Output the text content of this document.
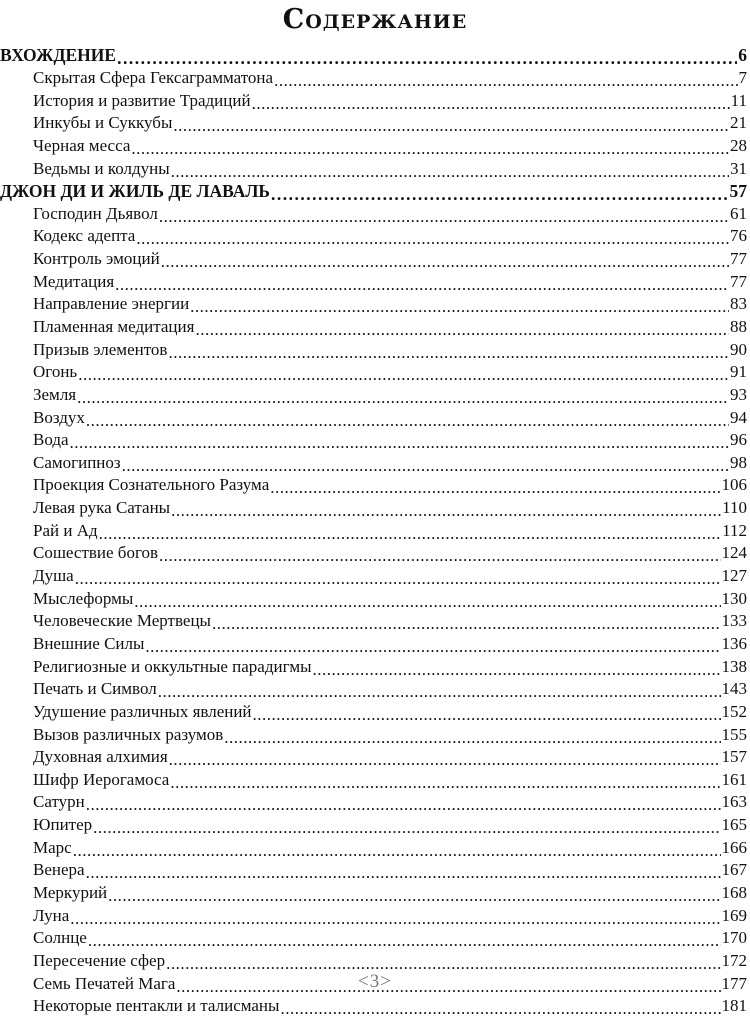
Содержание
ВХОЖДЕНИЕ .....	6
Скрытая Сфера Гексаграмматона .....	7
История и развитие Традиций .....	11
Инкубы и Суккубы .....	21
Черная месса .....	28
Ведьмы и колдуны .....	31
ДЖОН ДИ И ЖИЛЬ ДЕ ЛАВАЛЬ .....	57
Господин Дьявол .....	61
Кодекс адепта .....	76
Контроль эмоций .....	77
Медитация .....	77
Направление энергии .....	83
Пламенная медитация .....	88
Призыв элементов .....	90
Огонь .....	91
Земля .....	93
Воздух .....	94
Вода .....	96
Самогипноз .....	98
Проекция Сознательного Разума .....	106
Левая рука Сатаны .....	110
Рай и Ад .....	112
Сошествие богов .....	124
Душа .....	127
Мыслеформы .....	130
Человеческие Мертвецы .....	133
Внешние Силы .....	136
Религиозные и оккультные парадигмы .....	138
Печать и Символ .....	143
Удушение различных явлений .....	152
Вызов различных разумов .....	155
Духовная алхимия .....	157
Шифр Иерогамоса .....	161
Сатурн .....	163
Юпитер .....	165
Марс .....	166
Венера .....	167
Меркурий .....	168
Луна .....	169
Солнце .....	170
Пересечение сфер .....	172
Семь Печатей Мага .....	177
Некоторые пентакли и талисманы .....	181
<3>
